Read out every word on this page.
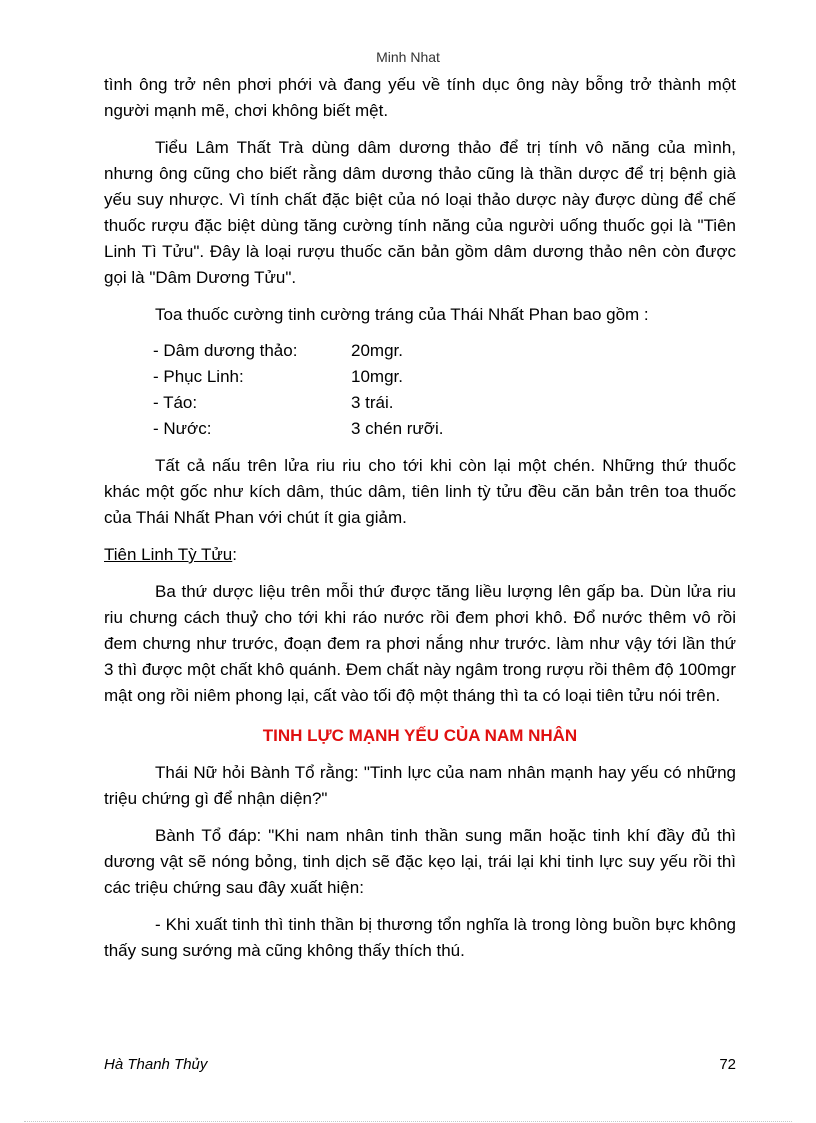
Minh Nhat

tình ông trở nên phơi phới và đang yếu về tính dục ông này bỗng trở thành một người mạnh mẽ, chơi không biết mệt.

Tiểu Lâm Thất Trà dùng dâm dương thảo để trị tính vô năng của mình, nhưng ông cũng cho biết rằng dâm dương thảo cũng là thần dược để trị bệnh già yếu suy nhược. Vì tính chất đặc biệt của nó loại thảo dược này được dùng để chế thuốc rượu đặc biệt dùng tăng cường tính năng của người uống thuốc gọi là "Tiên Linh Tì Tửu". Đây là loại rượu thuốc căn bản gồm dâm dương thảo nên còn được gọi là "Dâm Dương Tửu".

Toa thuốc cường tinh cường tráng của Thái Nhất Phan bao gồm :

- Dâm dương thảo:	20mgr.
- Phục Linh:	10mgr.
- Táo:	3 trái.
- Nước:	3 chén rưỡi.

Tất cả nấu trên lửa riu riu cho tới khi còn lại một chén. Những thứ thuốc khác một gốc như kích dâm, thúc dâm, tiên linh tỳ tửu đều căn bản trên toa thuốc của Thái Nhất Phan với chút ít gia giảm.

Tiên Linh Tỳ Tửu:

Ba thứ dược liệu trên mỗi thứ được tăng liều lượng lên gấp ba. Dùn lửa riu riu chưng cách thuỷ cho tới khi ráo nước rồi đem phơi khô. Đổ nước thêm vô rồi đem chưng như trước, đoạn đem ra phơi nắng như trước. làm như vậy tới lần thứ 3 thì được một chất khô quánh. Đem chất này ngâm trong rượu rồi thêm độ 100mgr mật ong rồi niêm phong lại, cất vào tối độ một tháng thì ta có loại tiên tửu nói trên.

TINH LỰC MẠNH YẾU CỦA NAM NHÂN

Thái Nữ hỏi Bành Tổ rằng: "Tinh lực của nam nhân mạnh hay yếu có những triệu chứng gì để nhận diện?"

Bành Tổ đáp: "Khi nam nhân tinh thần sung mãn hoặc tinh khí đầy đủ thì dương vật sẽ nóng bỏng, tinh dịch sẽ đặc kẹo lại, trái lại khi tinh lực suy yếu rồi thì các triệu chứng sau đây xuất hiện:

- Khi xuất tinh thì tinh thần bị thương tổn nghĩa là trong lòng buồn bực không thấy sung sướng mà cũng không thấy thích thú.

Hà Thanh Thủy	72
